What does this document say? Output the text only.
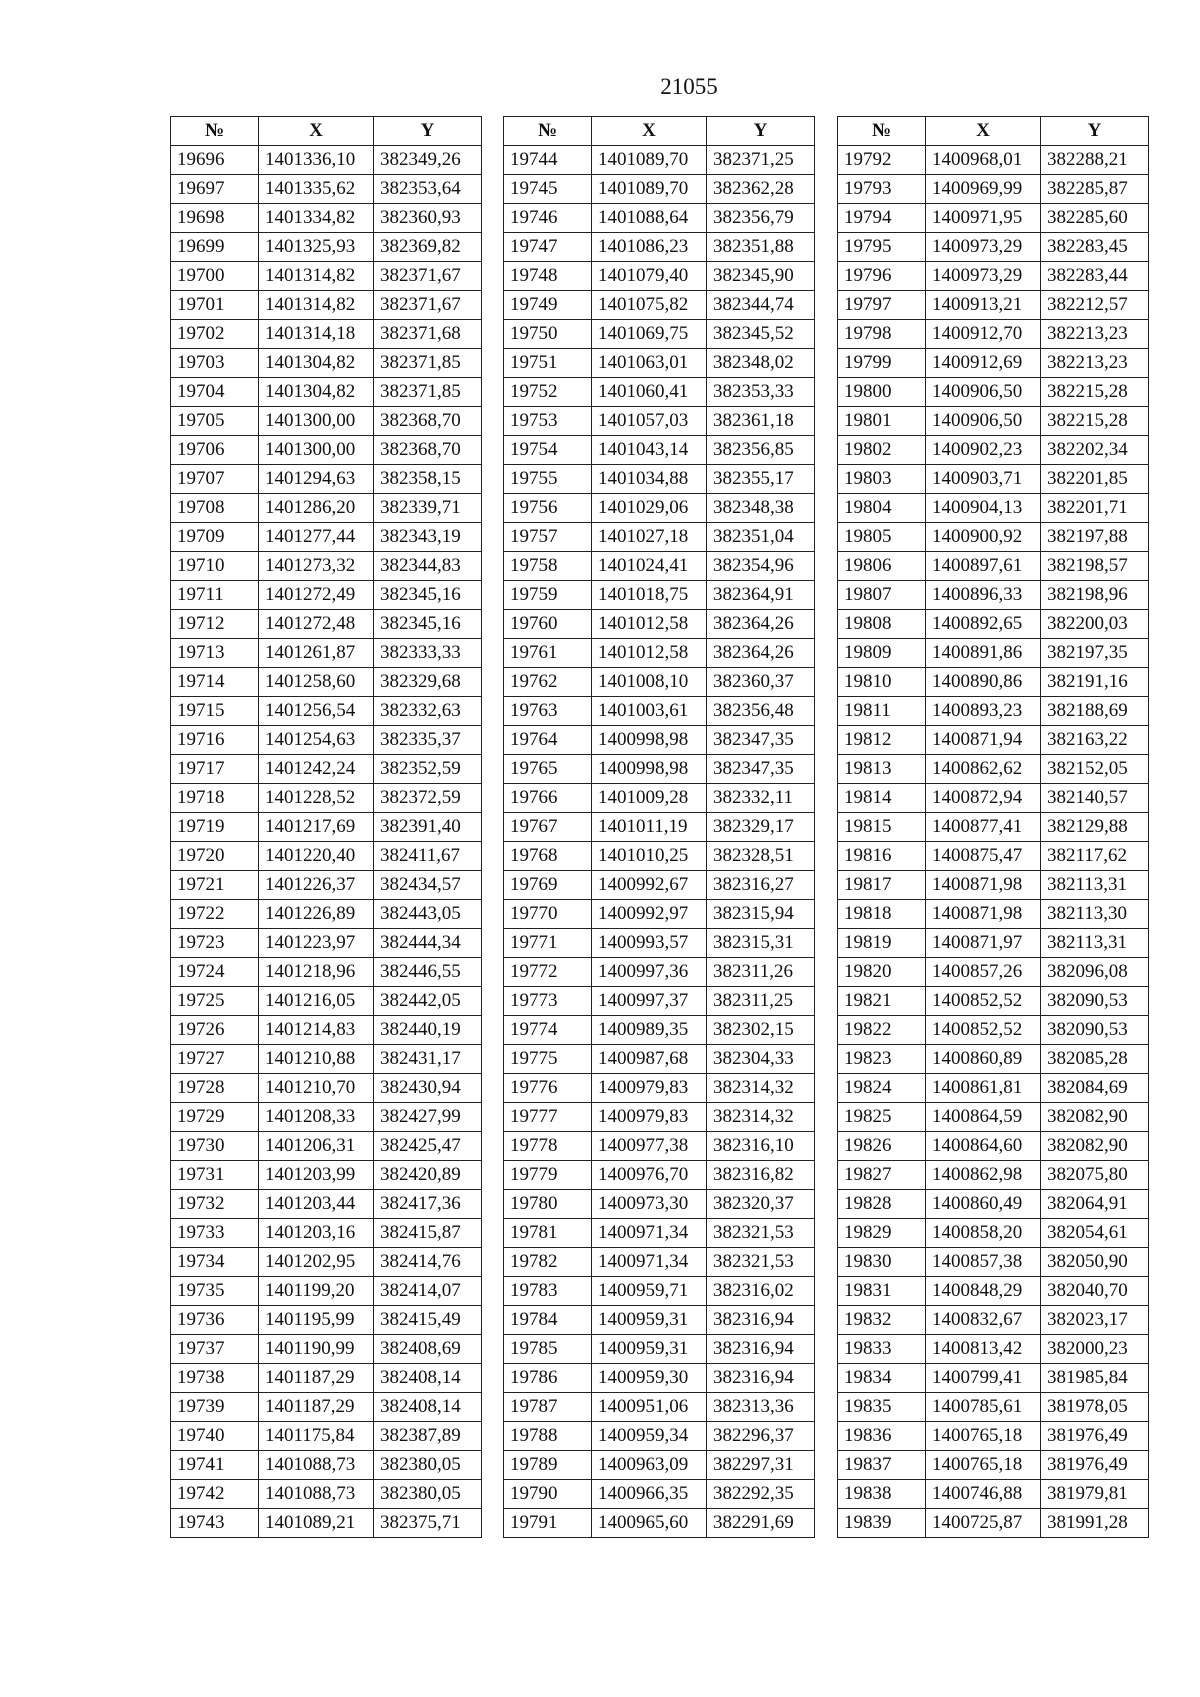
21055
№	X	Y
19696	1401336,10	382349,26
19697	1401335,62	382353,64
19698	1401334,82	382360,93
19699	1401325,93	382369,82
19700	1401314,82	382371,67
19701	1401314,82	382371,67
19702	1401314,18	382371,68
19703	1401304,82	382371,85
19704	1401304,82	382371,85
19705	1401300,00	382368,70
19706	1401300,00	382368,70
19707	1401294,63	382358,15
19708	1401286,20	382339,71
19709	1401277,44	382343,19
19710	1401273,32	382344,83
19711	1401272,49	382345,16
19712	1401272,48	382345,16
19713	1401261,87	382333,33
19714	1401258,60	382329,68
19715	1401256,54	382332,63
19716	1401254,63	382335,37
19717	1401242,24	382352,59
19718	1401228,52	382372,59
19719	1401217,69	382391,40
19720	1401220,40	382411,67
19721	1401226,37	382434,57
19722	1401226,89	382443,05
19723	1401223,97	382444,34
19724	1401218,96	382446,55
19725	1401216,05	382442,05
19726	1401214,83	382440,19
19727	1401210,88	382431,17
19728	1401210,70	382430,94
19729	1401208,33	382427,99
19730	1401206,31	382425,47
19731	1401203,99	382420,89
19732	1401203,44	382417,36
19733	1401203,16	382415,87
19734	1401202,95	382414,76
19735	1401199,20	382414,07
19736	1401195,99	382415,49
19737	1401190,99	382408,69
19738	1401187,29	382408,14
19739	1401187,29	382408,14
19740	1401175,84	382387,89
19741	1401088,73	382380,05
19742	1401088,73	382380,05
19743	1401089,21	382375,71
№	X	Y
19744	1401089,70	382371,25
19745	1401089,70	382362,28
19746	1401088,64	382356,79
19747	1401086,23	382351,88
19748	1401079,40	382345,90
19749	1401075,82	382344,74
19750	1401069,75	382345,52
19751	1401063,01	382348,02
19752	1401060,41	382353,33
19753	1401057,03	382361,18
19754	1401043,14	382356,85
19755	1401034,88	382355,17
19756	1401029,06	382348,38
19757	1401027,18	382351,04
19758	1401024,41	382354,96
19759	1401018,75	382364,91
19760	1401012,58	382364,26
19761	1401012,58	382364,26
19762	1401008,10	382360,37
19763	1401003,61	382356,48
19764	1400998,98	382347,35
19765	1400998,98	382347,35
19766	1401009,28	382332,11
19767	1401011,19	382329,17
19768	1401010,25	382328,51
19769	1400992,67	382316,27
19770	1400992,97	382315,94
19771	1400993,57	382315,31
19772	1400997,36	382311,26
19773	1400997,37	382311,25
19774	1400989,35	382302,15
19775	1400987,68	382304,33
19776	1400979,83	382314,32
19777	1400979,83	382314,32
19778	1400977,38	382316,10
19779	1400976,70	382316,82
19780	1400973,30	382320,37
19781	1400971,34	382321,53
19782	1400971,34	382321,53
19783	1400959,71	382316,02
19784	1400959,31	382316,94
19785	1400959,31	382316,94
19786	1400959,30	382316,94
19787	1400951,06	382313,36
19788	1400959,34	382296,37
19789	1400963,09	382297,31
19790	1400966,35	382292,35
19791	1400965,60	382291,69
№	X	Y
19792	1400968,01	382288,21
19793	1400969,99	382285,87
19794	1400971,95	382285,60
19795	1400973,29	382283,45
19796	1400973,29	382283,44
19797	1400913,21	382212,57
19798	1400912,70	382213,23
19799	1400912,69	382213,23
19800	1400906,50	382215,28
19801	1400906,50	382215,28
19802	1400902,23	382202,34
19803	1400903,71	382201,85
19804	1400904,13	382201,71
19805	1400900,92	382197,88
19806	1400897,61	382198,57
19807	1400896,33	382198,96
19808	1400892,65	382200,03
19809	1400891,86	382197,35
19810	1400890,86	382191,16
19811	1400893,23	382188,69
19812	1400871,94	382163,22
19813	1400862,62	382152,05
19814	1400872,94	382140,57
19815	1400877,41	382129,88
19816	1400875,47	382117,62
19817	1400871,98	382113,31
19818	1400871,98	382113,30
19819	1400871,97	382113,31
19820	1400857,26	382096,08
19821	1400852,52	382090,53
19822	1400852,52	382090,53
19823	1400860,89	382085,28
19824	1400861,81	382084,69
19825	1400864,59	382082,90
19826	1400864,60	382082,90
19827	1400862,98	382075,80
19828	1400860,49	382064,91
19829	1400858,20	382054,61
19830	1400857,38	382050,90
19831	1400848,29	382040,70
19832	1400832,67	382023,17
19833	1400813,42	382000,23
19834	1400799,41	381985,84
19835	1400785,61	381978,05
19836	1400765,18	381976,49
19837	1400765,18	381976,49
19838	1400746,88	381979,81
19839	1400725,87	381991,28
